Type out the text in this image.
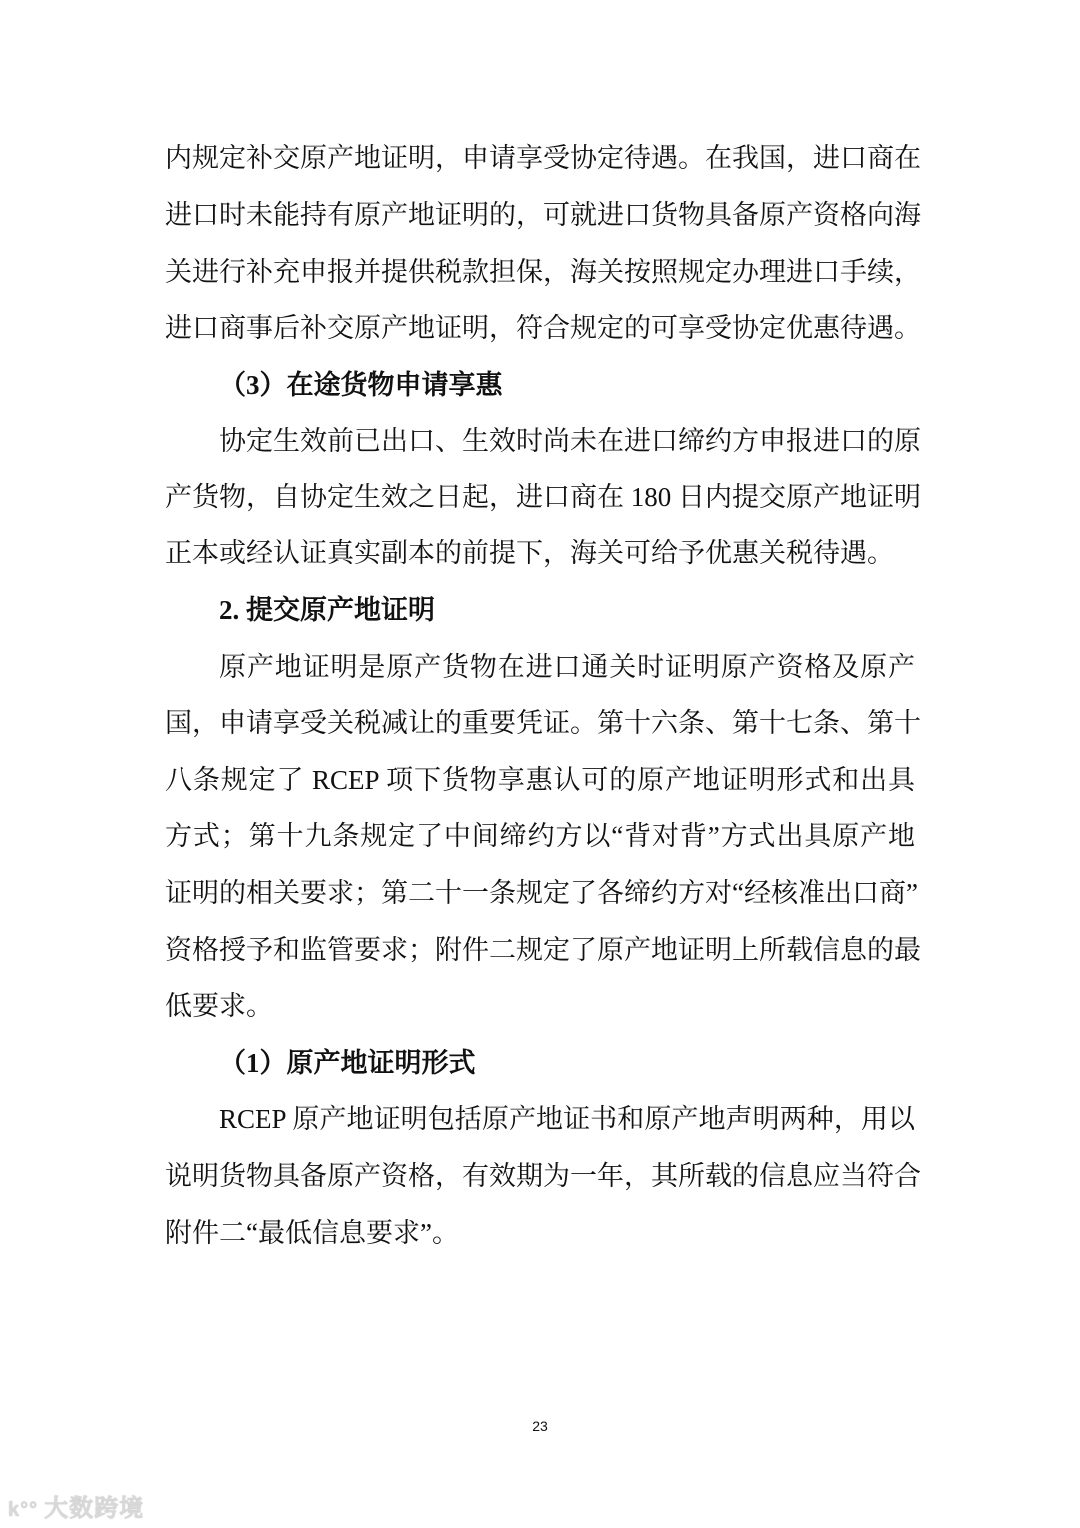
内规定补交原产地证明，申请享受协定待遇。在我国，进口商在
进口时未能持有原产地证明的，可就进口货物具备原产资格向海
关进行补充申报并提供税款担保，海关按照规定办理进口手续，
进口商事后补交原产地证明，符合规定的可享受协定优惠待遇。
（3）在途货物申请享惠
协定生效前已出口、生效时尚未在进口缔约方申报进口的原
产货物，自协定生效之日起，进口商在 180 日内提交原产地证明
正本或经认证真实副本的前提下，海关可给予优惠关税待遇。
2. 提交原产地证明
原产地证明是原产货物在进口通关时证明原产资格及原产
国，申请享受关税减让的重要凭证。第十六条、第十七条、第十
八条规定了 RCEP 项下货物享惠认可的原产地证明形式和出具
方式；第十九条规定了中间缔约方以“背对背”方式出具原产地
证明的相关要求；第二十一条规定了各缔约方对“经核准出口商”
资格授予和监管要求；附件二规定了原产地证明上所载信息的最
低要求。
（1）原产地证明形式
RCEP 原产地证明包括原产地证书和原产地声明两种，用以
说明货物具备原产资格，有效期为一年，其所载的信息应当符合
附件二“最低信息要求”。
23
k°° 大数跨境
